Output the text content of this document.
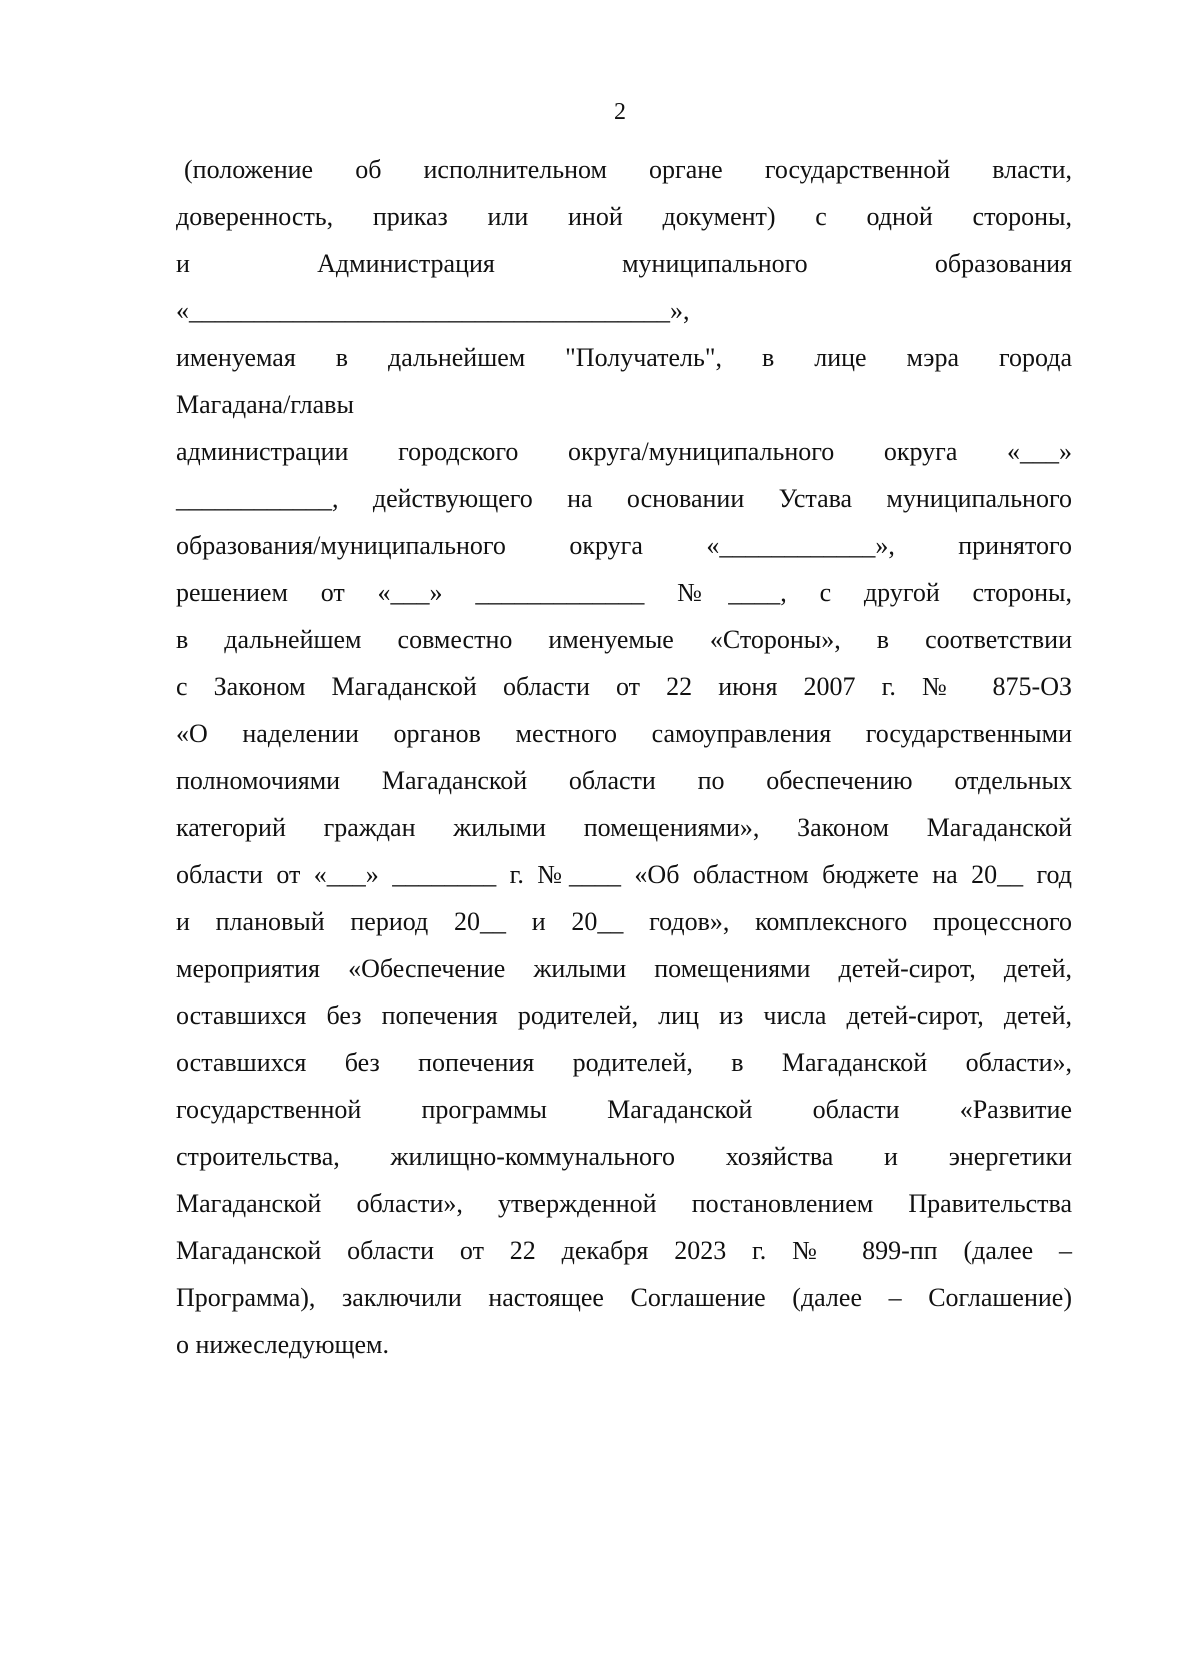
2
(положение об исполнительном органе государственной власти,
доверенность, приказ или иной документ) с одной стороны,
и Администрация муниципального образования
«_____________________________________»,
именуемая в дальнейшем "Получатель", в лице мэра города
Магадана/главы
администрации городского округа/муниципального округа «___»
____________, действующего на основании Устава муниципального
образования/муниципального округа «____________», принятого
решением от «___» _____________ №____, с другой стороны,
в дальнейшем совместно именуемые «Стороны», в соответствии
с Законом Магаданской области от 22 июня 2007 г. № 875-ОЗ
«О наделении органов местного самоуправления государственными
полномочиями Магаданской области по обеспечению отдельных
категорий граждан жилыми помещениями», Законом Магаданской
области от «___» ________ г. №____ «Об областном бюджете на 20__ год
и плановый период 20__ и 20__ годов», комплексного процессного
мероприятия «Обеспечение жилыми помещениями детей-сирот, детей,
оставшихся без попечения родителей, лиц из числа детей-сирот, детей,
оставшихся без попечения родителей, в Магаданской области»,
государственной программы Магаданской области «Развитие
строительства, жилищно-коммунального хозяйства и энергетики
Магаданской области», утвержденной постановлением Правительства
Магаданской области от 22 декабря 2023 г. № 899-пп (далее –
Программа), заключили настоящее Соглашение (далее – Соглашение)
о нижеследующем.
